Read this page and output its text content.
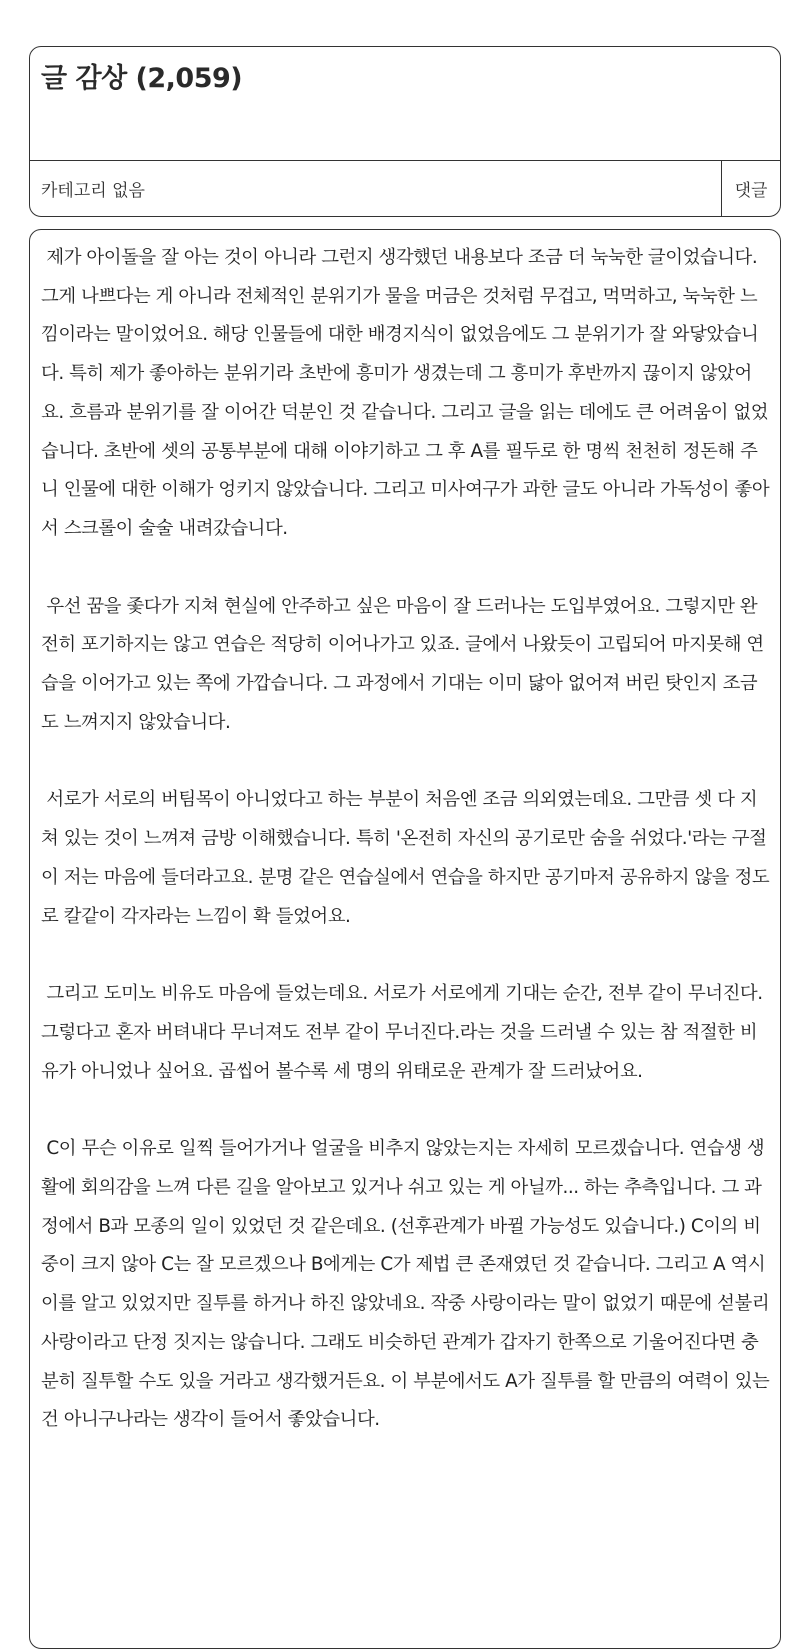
글 감상 (2,059)
카테고리 없음	댓글

제가 아이돌을 잘 아는 것이 아니라 그런지 생각했던 내용보다 조금 더 눅눅한 글이었습니다. 그게 나쁘다는 게 아니라 전체적인 분위기가 물을 머금은 것처럼 무겁고, 먹먹하고, 눅눅한 느낌이라는 말이었어요. 해당 인물들에 대한 배경지식이 없었음에도 그 분위기가 잘 와닿았습니다. 특히 제가 좋아하는 분위기라 초반에 흥미가 생겼는데 그 흥미가 후반까지 끊이지 않았어요. 흐름과 분위기를 잘 이어간 덕분인 것 같습니다. 그리고 글을 읽는 데에도 큰 어려움이 없었습니다. 초반에 셋의 공통부분에 대해 이야기하고 그 후 A를 필두로 한 명씩 천천히 정돈해 주니 인물에 대한 이해가 엉키지 않았습니다. 그리고 미사여구가 과한 글도 아니라 가독성이 좋아서 스크롤이 술술 내려갔습니다.

우선 꿈을 좇다가 지쳐 현실에 안주하고 싶은 마음이 잘 드러나는 도입부였어요. 그렇지만 완전히 포기하지는 않고 연습은 적당히 이어나가고 있죠. 글에서 나왔듯이 고립되어 마지못해 연습을 이어가고 있는 쪽에 가깝습니다. 그 과정에서 기대는 이미 닳아 없어져 버린 탓인지 조금도 느껴지지 않았습니다.

서로가 서로의 버팀목이 아니었다고 하는 부분이 처음엔 조금 의외였는데요. 그만큼 셋 다 지쳐 있는 것이 느껴져 금방 이해했습니다. 특히 '온전히 자신의 공기로만 숨을 쉬었다.'라는 구절이 저는 마음에 들더라고요. 분명 같은 연습실에서 연습을 하지만 공기마저 공유하지 않을 정도로 칼같이 각자라는 느낌이 확 들었어요.

그리고 도미노 비유도 마음에 들었는데요. 서로가 서로에게 기대는 순간, 전부 같이 무너진다. 그렇다고 혼자 버텨내다 무너져도 전부 같이 무너진다.라는 것을 드러낼 수 있는 참 적절한 비유가 아니었나 싶어요. 곱씹어 볼수록 세 명의 위태로운 관계가 잘 드러났어요.

C이 무슨 이유로 일찍 들어가거나 얼굴을 비추지 않았는지는 자세히 모르겠습니다. 연습생 생활에 회의감을 느껴 다른 길을 알아보고 있거나 쉬고 있는 게 아닐까... 하는 추측입니다. 그 과정에서 B과 모종의 일이 있었던 것 같은데요. (선후관계가 바뀔 가능성도 있습니다.) C이의 비중이 크지 않아 C는 잘 모르겠으나 B에게는 C가 제법 큰 존재였던 것 같습니다. 그리고 A 역시 이를 알고 있었지만 질투를 하거나 하진 않았네요. 작중 사랑이라는 말이 없었기 때문에 섣불리 사랑이라고 단정 짓지는 않습니다. 그래도 비슷하던 관계가 갑자기 한쪽으로 기울어진다면 충분히 질투할 수도 있을 거라고 생각했거든요. 이 부분에서도 A가 질투를 할 만큼의 여력이 있는 건 아니구나라는 생각이 들어서 좋았습니다.
